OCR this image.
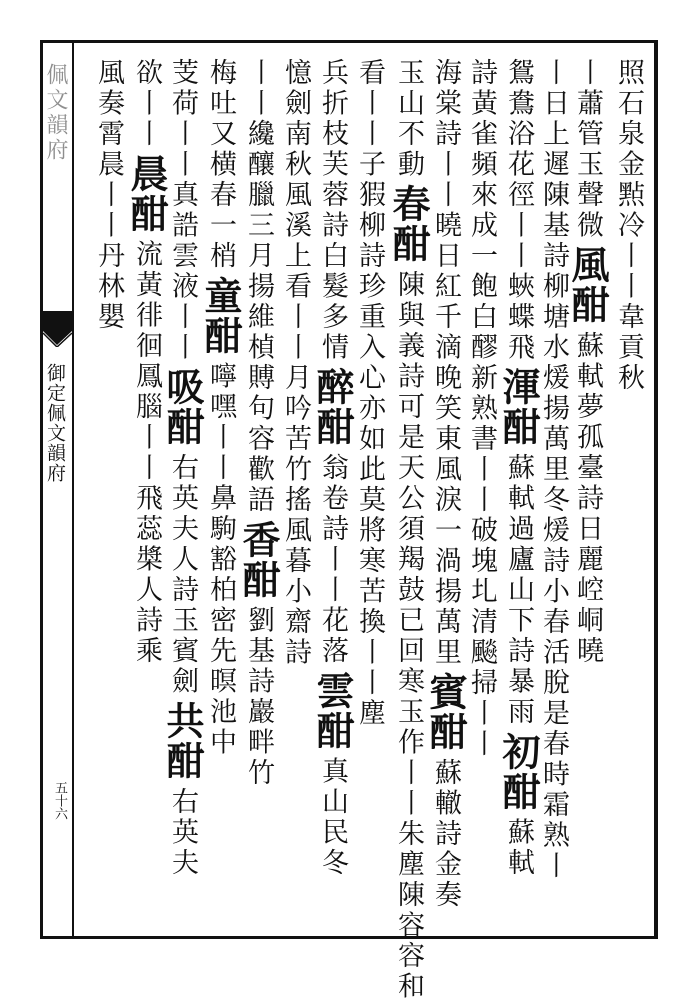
佩文韻府
御定佩文韻府
五十六
照石泉金㸃冷丨丨韋貢秋
丨蕭管玉聲微風酣蘇軾夢孤臺詩日麗崆峒曉
丨日上遲陳基詩柳塘水煖揚萬里冬煖詩小春活脫是春時霜熟丨
鴛鴦浴花徑丨丨蛺蝶飛渾酣蘇軾過廬山下詩暴雨初酣蘇軾
詩黃雀頻來成一飽白醪新熟書丨丨破塊圠清飈掃丨丨
海棠詩丨丨曉日紅千滴晚笑東風淚一渦揚萬里賓酣蘇轍詩金奏
玉山不動春酣陳與義詩可是天公須羯鼓已回寒玉作丨丨朱塵陳容容和
看丨丨子猳柳詩珍重入心亦如此莫將寒苦換丨丨塵
兵折枝芙蓉詩白髮多情醉酣翁卷詩丨丨花落雲酣真山民冬
憶劍南秋風溪上看丨丨月吟苦竹搖風暮小齋詩
丨丨纔釀臘三月揚維楨賻句容歡語香酣劉基詩巖畔竹
梅吐又横春一梢童酣嚀嘿丨丨鼻駒豁柏密先暝池中
芰荷丨丨真誥雲液丨丨吸酣右英夫人詩玉賓劍共酣右英夫
欲丨丨晨酣流黃徘徊鳳腦丨丨飛蕊槳人詩乘
風奏霄晨丨丨丹林嬰
